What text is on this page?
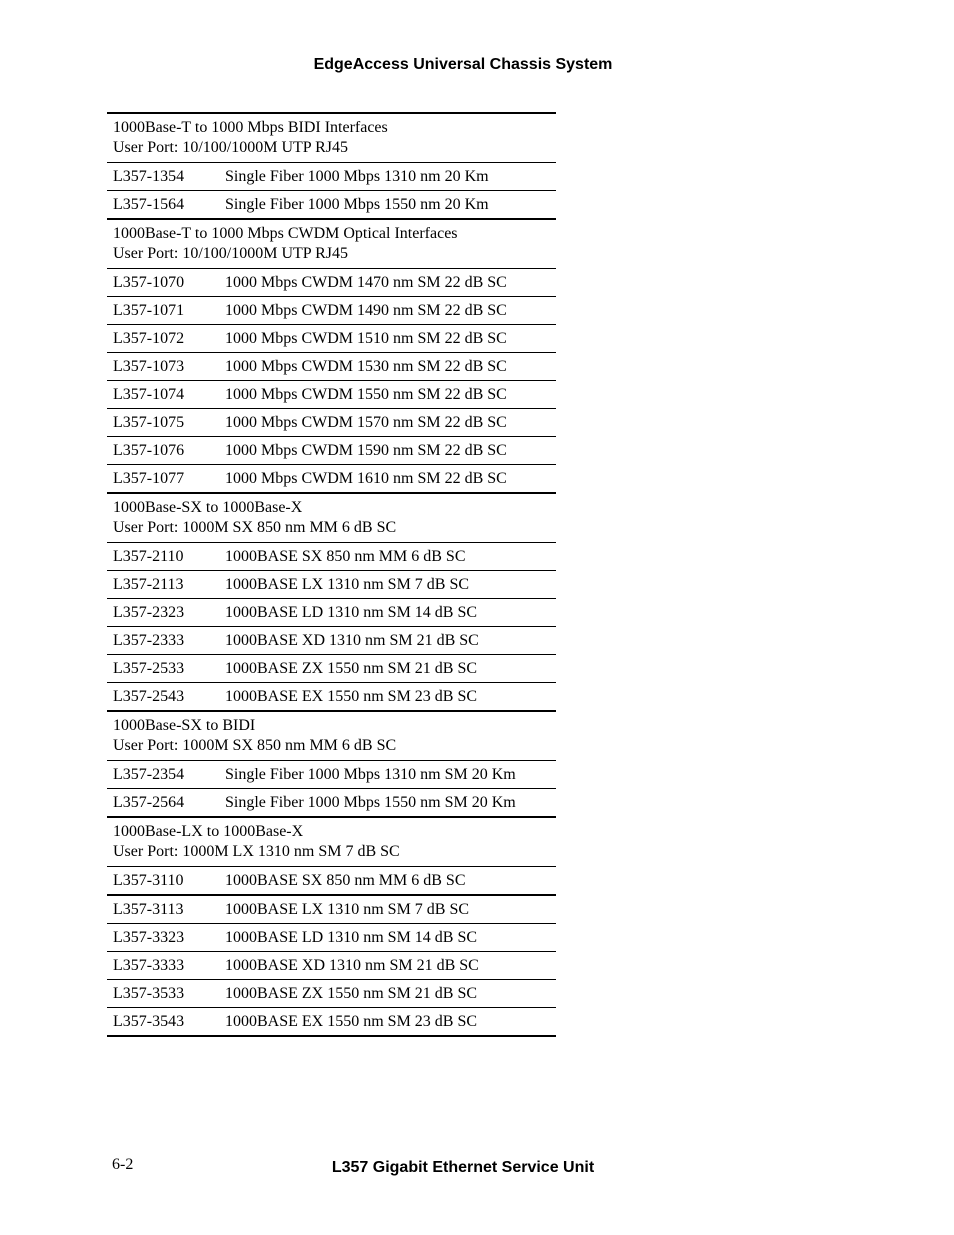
EdgeAccess Universal Chassis System
1000Base-T to 1000 Mbps BIDI Interfaces
User Port: 10/100/1000M UTP RJ45	

L357-1354	Single Fiber 1000 Mbps 1310 nm 20 Km
L357-1564	Single Fiber 1000 Mbps 1550 nm 20 Km

1000Base-T to 1000 Mbps CWDM Optical Interfaces
User Port: 10/100/1000M UTP RJ45	

L357-1070	1000 Mbps CWDM 1470 nm SM 22 dB SC
L357-1071	1000 Mbps CWDM 1490 nm SM 22 dB SC
L357-1072	1000 Mbps CWDM 1510 nm SM 22 dB SC
L357-1073	1000 Mbps CWDM 1530 nm SM 22 dB SC
L357-1074	1000 Mbps CWDM 1550 nm SM 22 dB SC
L357-1075	1000 Mbps CWDM 1570 nm SM 22 dB SC
L357-1076	1000 Mbps CWDM 1590 nm SM 22 dB SC
L357-1077	1000 Mbps CWDM 1610 nm SM 22 dB SC

1000Base-SX to 1000Base-X
User Port: 1000M SX 850 nm MM 6 dB SC	

L357-2110	1000BASE SX 850 nm MM 6 dB SC
L357-2113	1000BASE LX 1310 nm SM 7 dB SC
L357-2323	1000BASE LD 1310 nm SM 14 dB SC
L357-2333	1000BASE XD 1310 nm SM 21 dB SC
L357-2533	1000BASE ZX 1550 nm SM 21 dB SC
L357-2543	1000BASE EX 1550 nm SM 23 dB SC

1000Base-SX to BIDI
User Port: 1000M SX 850 nm MM 6 dB SC	

L357-2354	Single Fiber 1000 Mbps 1310 nm SM 20 Km
L357-2564	Single Fiber 1000 Mbps 1550 nm SM 20 Km

1000Base-LX to 1000Base-X
User Port: 1000M LX 1310 nm SM 7 dB SC	

L357-3110	1000BASE SX 850 nm MM 6 dB SC
L357-3113	1000BASE LX 1310 nm SM 7 dB SC
L357-3323	1000BASE LD 1310 nm SM 14 dB SC
L357-3333	1000BASE XD 1310 nm SM 21 dB SC
L357-3533	1000BASE ZX 1550 nm SM 21 dB SC
L357-3543	1000BASE EX 1550 nm SM 23 dB SC
6-2	L357 Gigabit Ethernet Service Unit
